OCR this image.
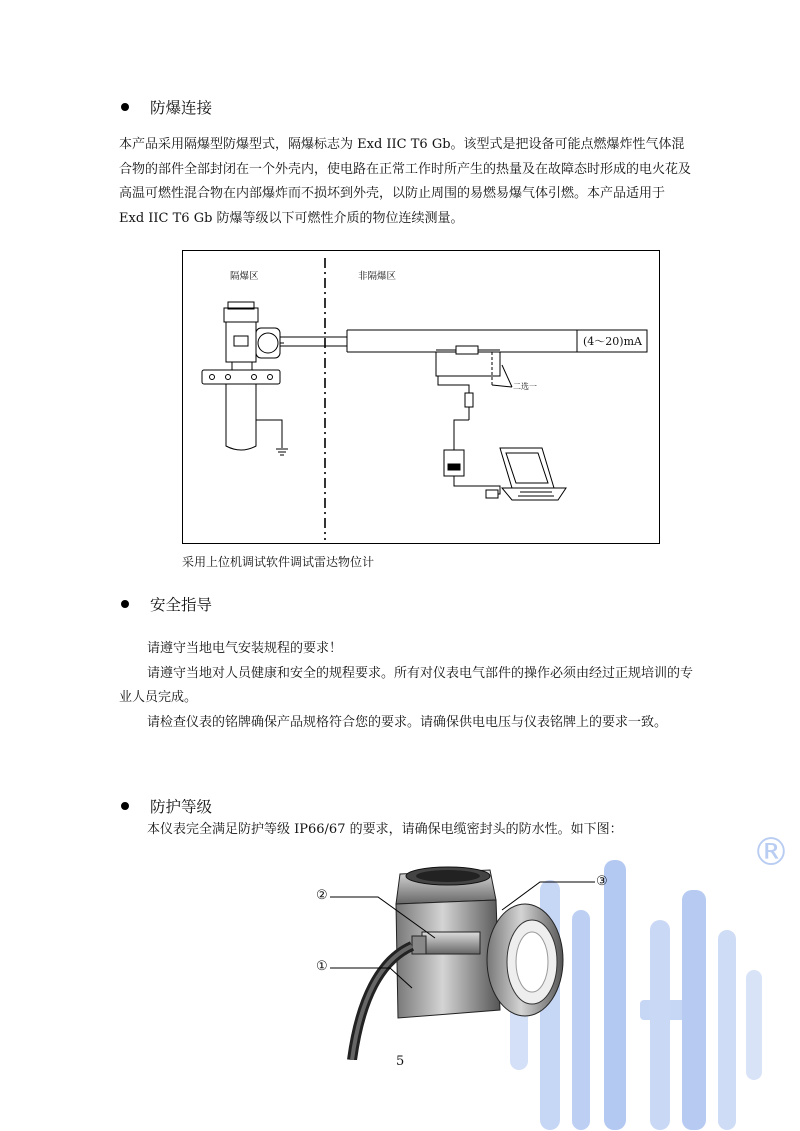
®
防爆连接

本产品采用隔爆型防爆型式，隔爆标志为 Exd IIC T6 Gb。该型式是把设备可能点燃爆炸性气体混合物的部件全部封闭在一个外壳内，使电路在正常工作时所产生的热量及在故障态时形成的电火花及高温可燃性混合物在内部爆炸而不损坏到外壳，以防止周围的易燃易爆气体引燃。本产品适用于 Exd IIC T6 Gb 防爆等级以下可燃性介质的物位连续测量。

隔爆区	非隔爆区
(4～20)mA
二选一
采用上位机调试软件调试雷达物位计
安全指导

请遵守当地电气安装规程的要求！

请遵守当地对人员健康和安全的规程要求。所有对仪表电气部件的操作必须由经过正规培训的专业人员完成。

请检查仪表的铭牌确保产品规格符合您的要求。请确保供电电压与仪表铭牌上的要求一致。

防护等级

本仪表完全满足防护等级 IP66/67 的要求，请确保电缆密封头的防水性。如下图：

②
③
①
5
